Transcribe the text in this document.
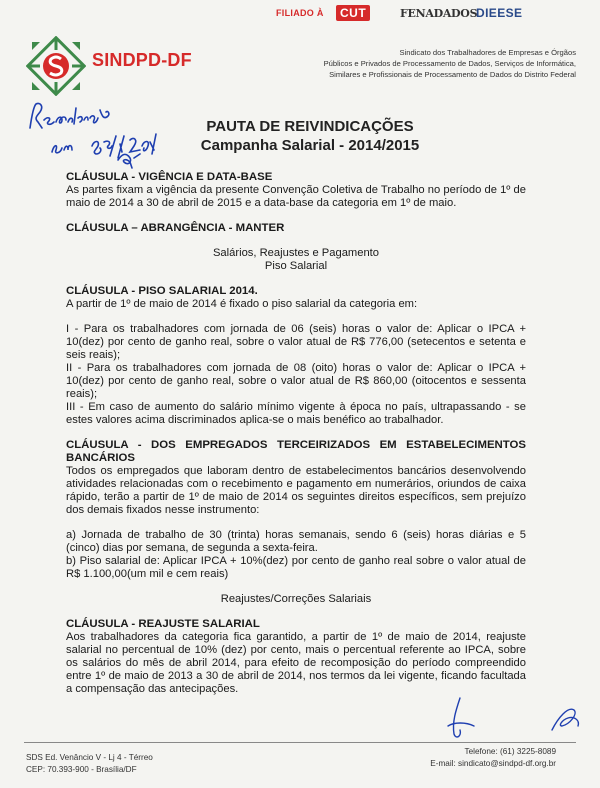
FILIADO À	CUT	FENADADOS
DIEESE
SINDPD-DF	Sindicato dos Trabalhadores de Empresas e Órgãos
Públicos e Privados de Processamento de Dados, Serviços de Informática,
Similares e Profissionais de Processamento de Dados do Distrito Federal
PAUTA DE REIVINDICAÇÕES
Campanha Salarial - 2014/2015

CLÁUSULA - VIGÊNCIA E DATA-BASE

As partes fixam a vigência da presente Convenção Coletiva de Trabalho no período de 1º de maio de 2014 a 30 de abril de 2015 e a data-base da categoria em 1º de maio.

CLÁUSULA – ABRANGÊNCIA - MANTER

Salários, Reajustes e Pagamento

Piso Salarial

CLÁUSULA - PISO SALARIAL 2014.

A partir de 1º de maio de 2014 é fixado o piso salarial da categoria em:

I - Para os trabalhadores com jornada de 06 (seis) horas o valor de: Aplicar o IPCA + 10(dez) por cento de ganho real, sobre o valor atual de R$ 776,00 (setecentos e setenta e seis reais);

II - Para os trabalhadores com jornada de 08 (oito) horas o valor de: Aplicar o IPCA + 10(dez) por cento de ganho real, sobre o valor atual de R$ 860,00 (oitocentos e sessenta reais);

III - Em caso de aumento do salário mínimo vigente à época no país, ultrapassando - se estes valores acima discriminados aplica-se o mais benéfico ao trabalhador.

CLÁUSULA - DOS EMPREGADOS TERCEIRIZADOS EM ESTABELECIMENTOS BANCÁRIOS

Todos os empregados que laboram dentro de estabelecimentos bancários desenvolvendo atividades relacionadas com o recebimento e pagamento em numerários, oriundos de caixa rápido, terão a partir de 1º de maio de 2014 os seguintes direitos específicos, sem prejuízo dos demais fixados nesse instrumento:

a) Jornada de trabalho de 30 (trinta) horas semanais, sendo 6 (seis) horas diárias e 5 (cinco) dias por semana, de segunda a sexta-feira.

b) Piso salarial de: Aplicar IPCA + 10%(dez) por cento de ganho real sobre o valor atual de R$ 1.100,00(um mil e cem reais)

Reajustes/Correções Salariais

CLÁUSULA - REAJUSTE SALARIAL

Aos trabalhadores da categoria fica garantido, a partir de 1º de maio de 2014, reajuste salarial no percentual de 10% (dez) por cento, mais o percentual referente ao IPCA, sobre os salários do mês de abril 2014, para efeito de recomposição do período compreendido entre 1º de maio de 2013 a 30 de abril de 2014, nos termos da lei vigente, ficando facultada a compensação das antecipações.

SDS Ed. Venâncio V - Lj 4 - Térreo
CEP: 70.393-900 - Brasília/DF
Telefone: (61) 3225-8089
E-mail: sindicato@sindpd-df.org.br
